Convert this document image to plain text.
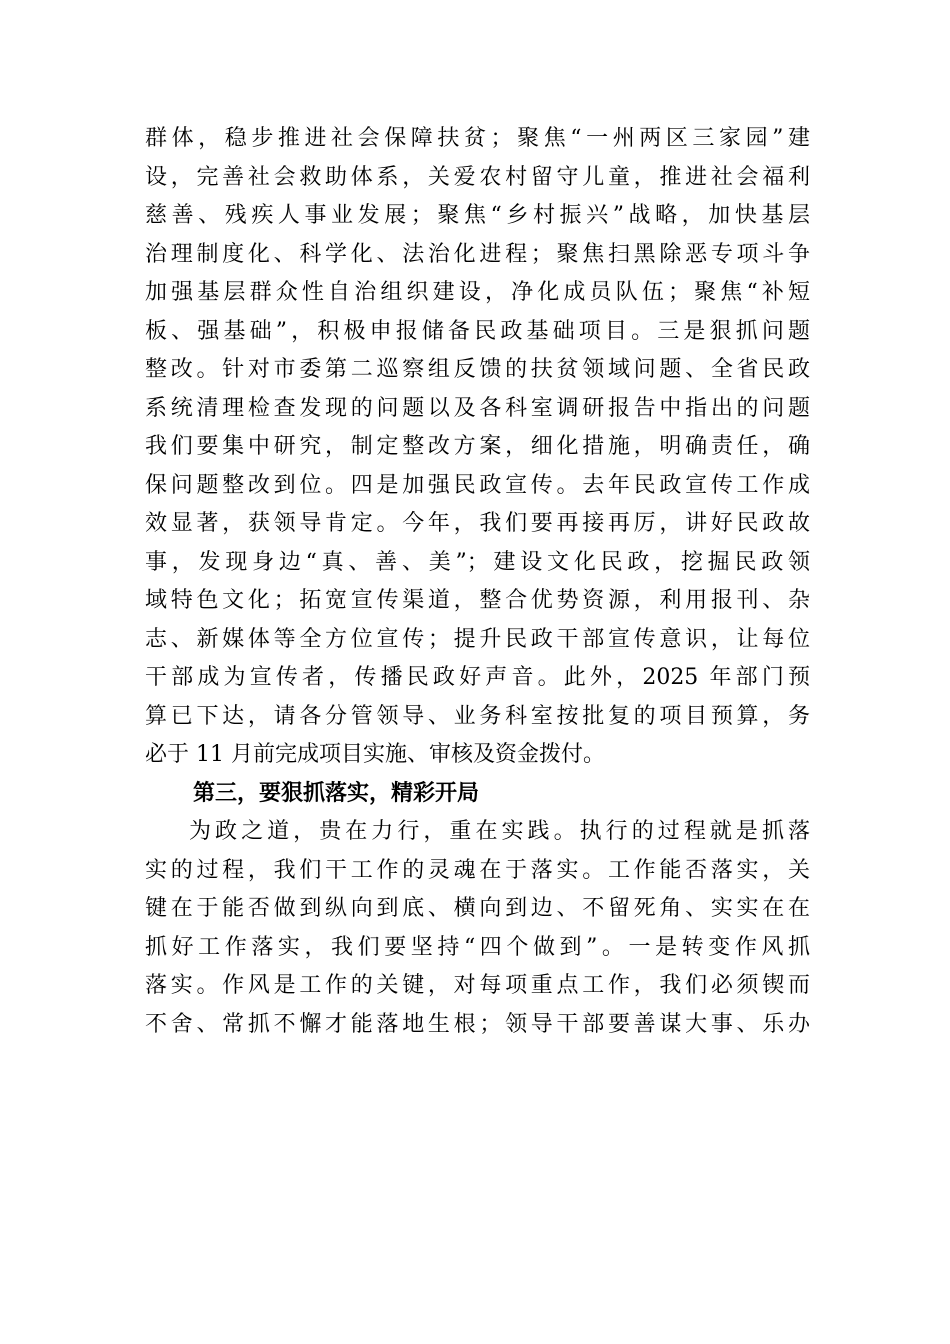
群体，稳步推进社会保障扶贫；聚焦“一州两区三家园”建
设，完善社会救助体系，关爱农村留守儿童，推进社会福利
慈善、残疾人事业发展；聚焦“乡村振兴”战略，加快基层
治理制度化、科学化、法治化进程；聚焦扫黑除恶专项斗争
加强基层群众性自治组织建设，净化成员队伍；聚焦“补短
板、强基础”，积极申报储备民政基础项目。三是狠抓问题
整改。针对市委第二巡察组反馈的扶贫领域问题、全省民政
系统清理检查发现的问题以及各科室调研报告中指出的问题
我们要集中研究，制定整改方案，细化措施，明确责任，确
保问题整改到位。四是加强民政宣传。去年民政宣传工作成
效显著，获领导肯定。今年，我们要再接再厉，讲好民政故
事，发现身边“真、善、美”；建设文化民政，挖掘民政领
域特色文化；拓宽宣传渠道，整合优势资源，利用报刊、杂
志、新媒体等全方位宣传；提升民政干部宣传意识，让每位
干部成为宣传者，传播民政好声音。此外，2025 年部门预
算已下达，请各分管领导、业务科室按批复的项目预算，务
必于 11 月前完成项目实施、审核及资金拨付。
第三，要狠抓落实，精彩开局
为政之道，贵在力行，重在实践。执行的过程就是抓落
实的过程，我们干工作的灵魂在于落实。工作能否落实，关
键在于能否做到纵向到底、横向到边、不留死角、实实在在
抓好工作落实，我们要坚持“四个做到”。一是转变作风抓
落实。作风是工作的关键，对每项重点工作，我们必须锲而
不舍、常抓不懈才能落地生根；领导干部要善谋大事、乐办
